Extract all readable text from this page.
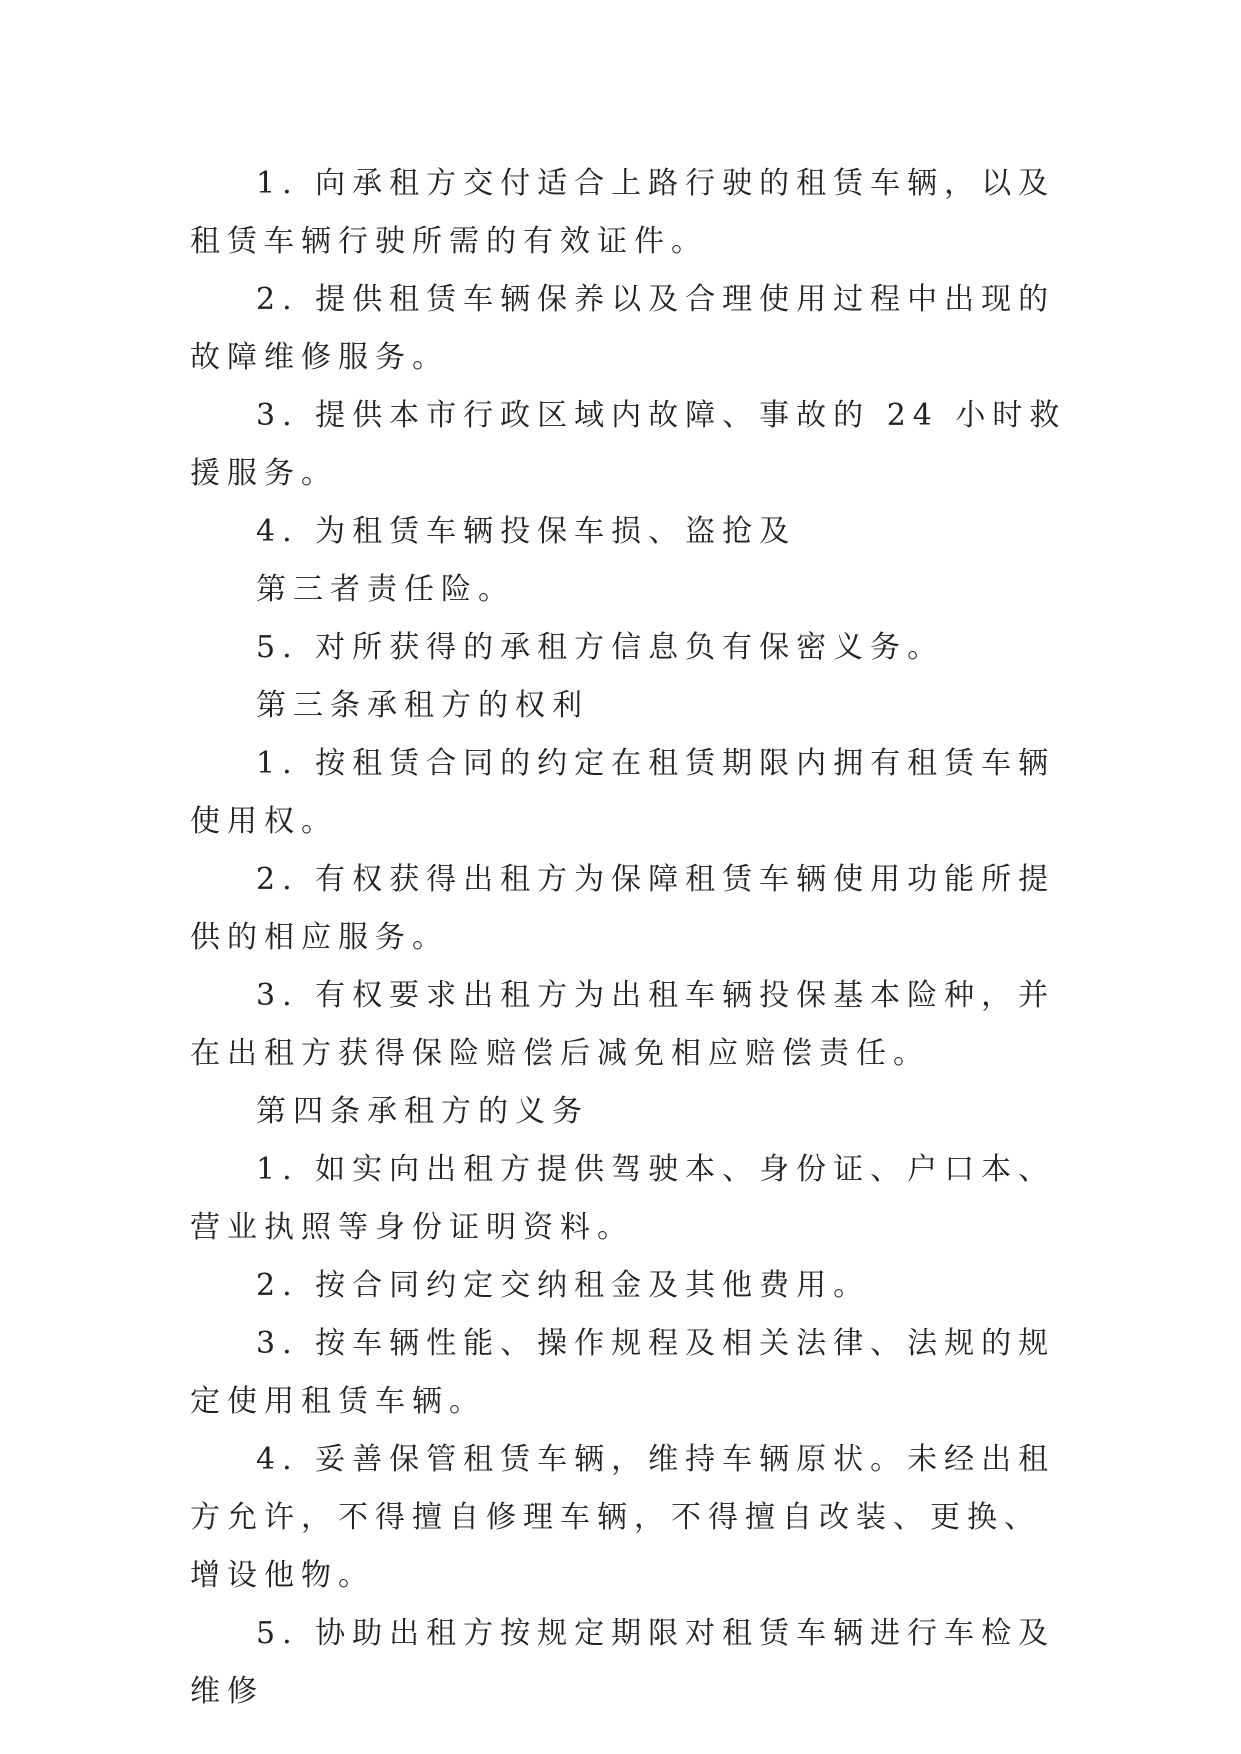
1. 向承租方交付适合上路行驶的租赁车辆，以及租赁车辆行驶所需的有效证件。

2. 提供租赁车辆保养以及合理使用过程中出现的故障维修服务。

3. 提供本市行政区域内故障、事故的 24 小时救援服务。

4. 为租赁车辆投保车损、盗抢及

第三者责任险。

5. 对所获得的承租方信息负有保密义务。

第三条承租方的权利

1. 按租赁合同的约定在租赁期限内拥有租赁车辆使用权。

2. 有权获得出租方为保障租赁车辆使用功能所提供的相应服务。

3. 有权要求出租方为出租车辆投保基本险种，并在出租方获得保险赔偿后减免相应赔偿责任。

第四条承租方的义务

1. 如实向出租方提供驾驶本、身份证、户口本、营业执照等身份证明资料。

2. 按合同约定交纳租金及其他费用。

3. 按车辆性能、操作规程及相关法律、法规的规定使用租赁车辆。

4. 妥善保管租赁车辆，维持车辆原状。未经出租方允许，不得擅自修理车辆，不得擅自改装、更换、增设他物。

5. 协助出租方按规定期限对租赁车辆进行车检及维修
